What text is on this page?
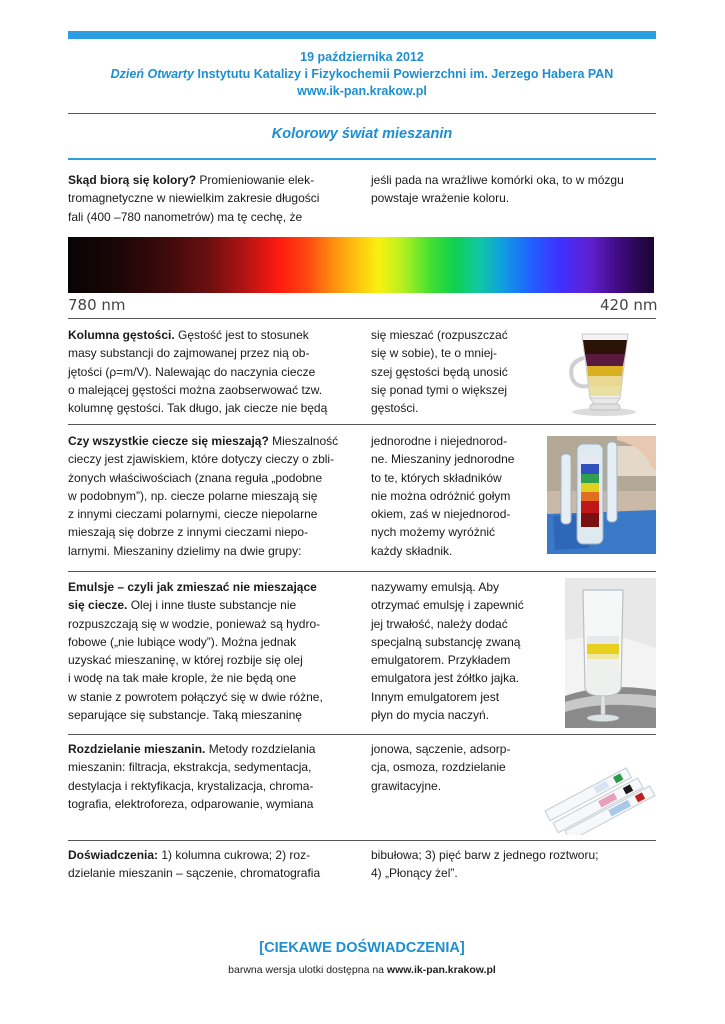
19 października 2012
Dzień Otwarty Instytutu Katalizy i Fizykochemii Powierzchni im. Jerzego Habera PAN
www.ik-pan.krakow.pl
Kolorowy świat mieszanin
Skąd biorą się kolory? Promieniowanie elek-
tromagnetyczne w niewielkim zakresie długości
fali (400 –780 nanometrów) ma tę cechę, że
jeśli pada na wrażliwe komórki oka, to w mózgu
powstaje wrażenie koloru.
780 nm	420 nm
Kolumna gęstości. Gęstość jest to stosunek
masy substancji do zajmowanej przez nią ob-
jętości (ρ=m/V). Nalewając do naczynia ciecze
o malejącej gęstości można zaobserwować tzw.
kolumnę gęstości. Tak długo, jak ciecze nie będą
się mieszać (rozpuszczać
się w sobie), te o mniej-
szej gęstości będą unosić
się ponad tymi o większej
gęstości.
Czy wszystkie ciecze się mieszają? Mieszalność
cieczy jest zjawiskiem, które dotyczy cieczy o zbli-
żonych właściwościach (znana reguła „podobne
w podobnym”), np. ciecze polarne mieszają się
z innymi cieczami polarnymi, ciecze niepolarne
mieszają się dobrze z innymi cieczami niepo-
larnymi. Mieszaniny dzielimy na dwie grupy:
jednorodne i niejednorod-
ne. Mieszaniny jednorodne
to te, których składników
nie można odróżnić gołym
okiem, zaś w niejednorod-
nych możemy wyróżnić
każdy składnik.
Emulsje – czyli jak zmieszać nie mieszające
się ciecze. Olej i inne tłuste substancje nie
rozpuszczają się w wodzie, ponieważ są hydro-
fobowe („nie lubiące wody”). Można jednak
uzyskać mieszaninę, w której rozbije się olej
i wodę na tak małe krople, że nie będą one
w stanie z powrotem połączyć się w dwie różne,
separujące się substancje. Taką mieszaninę
nazywamy emulsją. Aby
otrzymać emulsję i zapewnić
jej trwałość, należy dodać
specjalną substancję zwaną
emulgatorem. Przykładem
emulgatora jest żółtko jajka.
Innym emulgatorem jest
płyn do mycia naczyń.
Rozdzielanie mieszanin. Metody rozdzielania
mieszanin: filtracja, ekstrakcja, sedymentacja,
destylacja i rektyfikacja, krystalizacja, chroma-
tografia, elektroforeza, odparowanie, wymiana
jonowa, sączenie, adsorp-
cja, osmoza, rozdzielanie
grawitacyjne.
Doświadczenia: 1) kolumna cukrowa; 2) roz-
dzielanie mieszanin – sączenie, chromatografia
bibułowa; 3) pięć barw z jednego roztworu;
4) „Płonący żel”.
[CIEKAWE DOŚWIADCZENIA]
barwna wersja ulotki dostępna na www.ik-pan.krakow.pl
